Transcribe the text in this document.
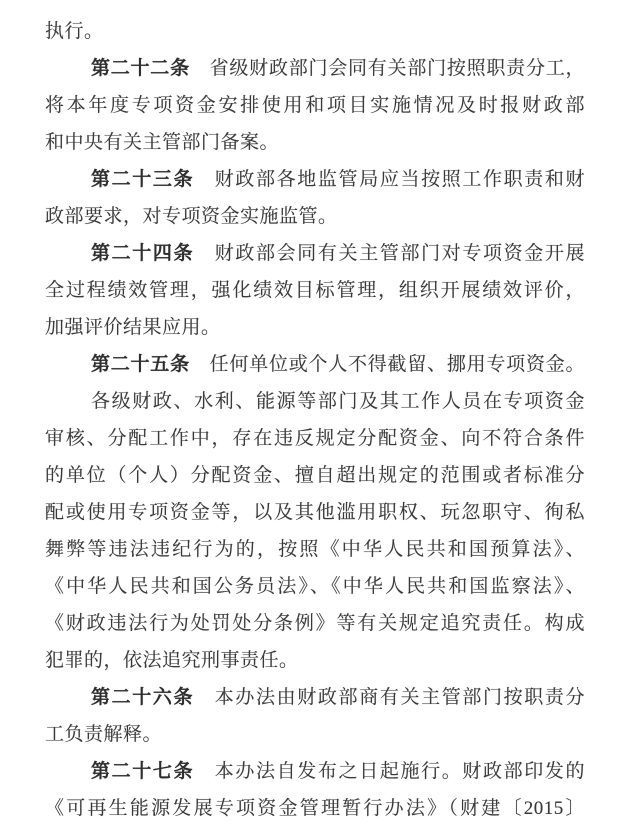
执行。
第二十二条　省级财政部门会同有关部门按照职责分工，
将本年度专项资金安排使用和项目实施情况及时报财政部
和中央有关主管部门备案。
第二十三条　财政部各地监管局应当按照工作职责和财
政部要求，对专项资金实施监管。
第二十四条　财政部会同有关主管部门对专项资金开展
全过程绩效管理，强化绩效目标管理，组织开展绩效评价，
加强评价结果应用。
第二十五条　任何单位或个人不得截留、挪用专项资金。
各级财政、水利、能源等部门及其工作人员在专项资金
审核、分配工作中，存在违反规定分配资金、向不符合条件
的单位（个人）分配资金、擅自超出规定的范围或者标准分
配或使用专项资金等，以及其他滥用职权、玩忽职守、徇私
舞弊等违法违纪行为的，按照《中华人民共和国预算法》、
《中华人民共和国公务员法》、《中华人民共和国监察法》、
《财政违法行为处罚处分条例》等有关规定追究责任。构成
犯罪的，依法追究刑事责任。
第二十六条　本办法由财政部商有关主管部门按职责分
工负责解释。
第二十七条　本办法自发布之日起施行。财政部印发的
《可再生能源发展专项资金管理暂行办法》（财建〔2015〕
